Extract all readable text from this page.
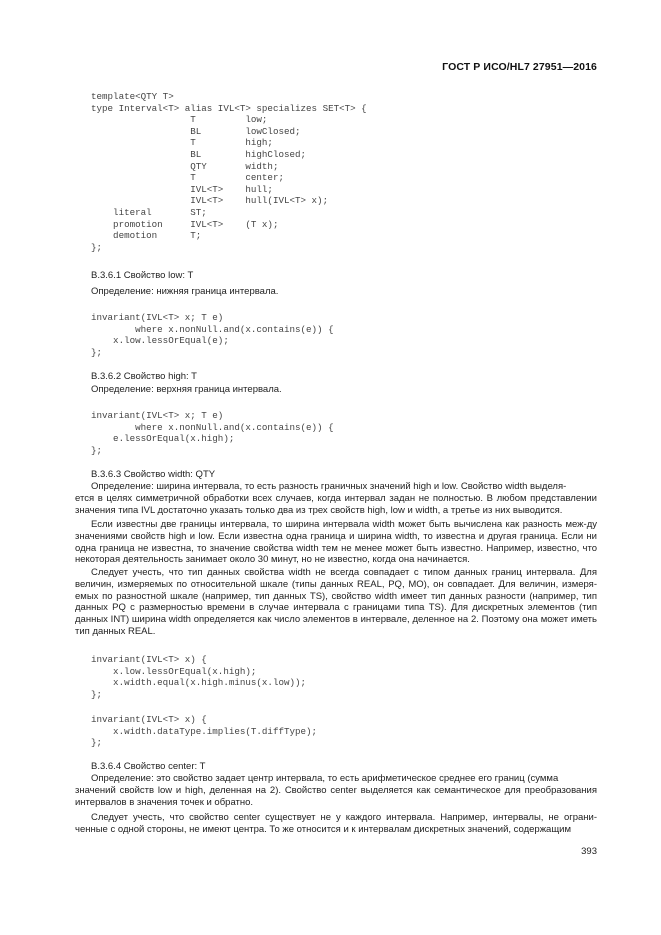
ГОСТ Р ИСО/HL7 27951—2016
template<QTY T>
type Interval<T> alias IVL<T> specializes SET<T> {
T         low;
BL        lowClosed;
T         high;
BL        highClosed;
QTY       width;
T         center;
IVL<T>    hull;
IVL<T>    hull(IVL<T> x);
literal       ST;
promotion     IVL<T>    (T x);
demotion      T;
};

B.3.6.1 Свойство low: T

Определение: нижняя граница интервала.

invariant(IVL<T> x; T e)
where x.nonNull.and(x.contains(e)) {
x.low.lessOrEqual(e);
};

B.3.6.2 Свойство high: T

Определение: верхняя граница интервала.

invariant(IVL<T> x; T e)
where x.nonNull.and(x.contains(e)) {
e.lessOrEqual(x.high);
};

B.3.6.3 Свойство width: QTY

Определение: ширина интервала, то есть разность граничных значений high и low. Свойство width выделя-
ется в целях симметричной обработки всех случаев, когда интервал задан не полностью. В любом представлении значения типа IVL достаточно указать только два из трех свойств high, low и width, а третье из них выводится.
Если известны две границы интервала, то ширина интервала width может быть вычислена как разность меж-ду значениями свойств high и low. Если известна одна граница и ширина width, то известна и другая граница. Если ни одна граница не известна, то значение свойства width тем не менее может быть известно. Например, известно, что некоторая деятельность занимает около 30 минут, но не известно, когда она начинается.
Следует учесть, что тип данных свойства width не всегда совпадает с типом данных границ интервала. Для величин, измеряемых по относительной шкале (типы данных REAL, PQ, MO), он совпадает. Для величин, измеря-емых по разностной шкале (например, тип данных TS), свойство width имеет тип данных разности (например, тип данных PQ с размерностью времени в случае интервала с границами типа TS). Для дискретных элементов (тип данных INT) ширина width определяется как число элементов в интервале, деленное на 2. Поэтому она может иметь тип данных REAL.
invariant(IVL<T> x) {
x.low.lessOrEqual(x.high);
x.width.equal(x.high.minus(x.low));
};
invariant(IVL<T> x) {
x.width.dataType.implies(T.diffType);
};

B.3.6.4 Свойство center: T

Определение: это свойство задает центр интервала, то есть арифметическое среднее его границ (сумма
значений свойств low и high, деленная на 2). Свойство center выделяется как семантическое для преобразования интервалов в значения точек и обратно.
Следует учесть, что свойство center существует не у каждого интервала. Например, интервалы, не ограни-ченные с одной стороны, не имеют центра. То же относится и к интервалам дискретных значений, содержащим
393
